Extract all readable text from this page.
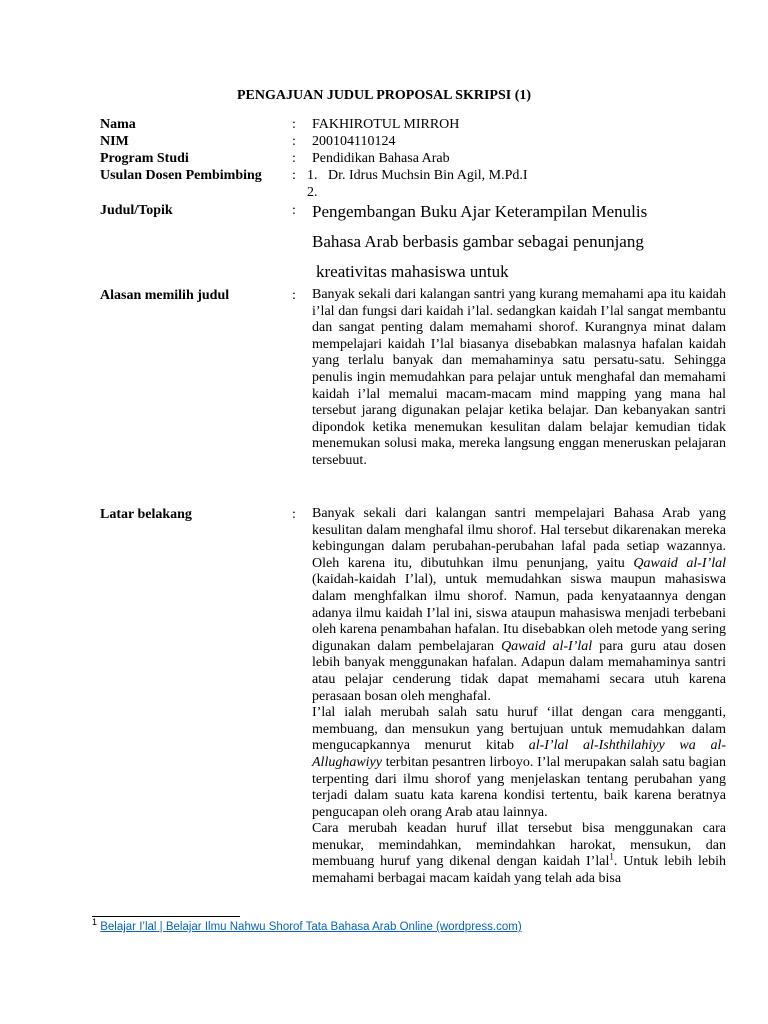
PENGAJUAN JUDUL PROPOSAL SKRIPSI (1)
Nama	: FAKHIROTUL MIRROH
NIM	: 200104110124
Program Studi	: Pendidikan Bahasa Arab
Usulan Dosen Pembimbing : 1.   Dr. Idrus Muchsin Bin Agil, M.Pd.I
2.
Judul/Topik	: Pengembangan Buku Ajar Keterampilan Menulis
Bahasa Arab berbasis gambar sebagai penunjang
kreativitas mahasiswa untuk
Alasan memilih judul	: Banyak sekali dari kalangan santri yang kurang memahami apa itu kaidah i’lal dan fungsi dari kaidah i’lal. sedangkan kaidah I’lal sangat membantu dan sangat penting dalam memahami shorof. Kurangnya minat dalam mempelajari kaidah I’lal biasanya disebabkan malasnya hafalan kaidah yang terlalu banyak dan memahaminya satu persatu-satu. Sehingga penulis ingin memudahkan para pelajar untuk menghafal dan memahami kaidah i’lal memalui macam-macam mind mapping yang mana hal tersebut jarang digunakan pelajar ketika belajar. Dan kebanyakan santri dipondok ketika menemukan kesulitan dalam belajar kemudian tidak menemukan solusi maka, mereka langsung enggan meneruskan pelajaran tersebuut.

Latar belakang	: Banyak sekali dari kalangan santri mempelajari Bahasa Arab yang kesulitan dalam menghafal ilmu shorof. Hal tersebut dikarenakan mereka kebingungan dalam perubahan-perubahan lafal pada setiap wazannya. Oleh karena itu, dibutuhkan ilmu penunjang, yaitu Qawaid al-I’lal (kaidah-kaidah I’lal), untuk memudahkan siswa maupun mahasiswa dalam menghfalkan ilmu shorof. Namun, pada kenyataannya dengan adanya ilmu kaidah I’lal ini, siswa ataupun mahasiswa menjadi terbebani oleh karena penambahan hafalan. Itu disebabkan oleh metode yang sering digunakan dalam pembelajaran Qawaid al-I’lal para guru atau dosen lebih banyak menggunakan hafalan. Adapun dalam memahaminya santri atau pelajar cenderung tidak dapat memahami secara utuh karena perasaan bosan oleh menghafal.

I’lal ialah merubah salah satu huruf ‘illat dengan cara mengganti, membuang, dan mensukun yang bertujuan untuk memudahkan dalam mengucapkannya menurut kitab al-I’lal al-Ishthilahiyy wa al-Allughawiyy terbitan pesantren lirboyo. I’lal merupakan salah satu bagian terpenting dari ilmu shorof yang menjelaskan tentang perubahan yang terjadi dalam suatu kata karena kondisi tertentu, baik karena beratnya pengucapan oleh orang Arab atau lainnya.

Cara merubah keadan huruf illat tersebut bisa menggunakan cara menukar, memindahkan, memindahkan harokat, mensukun, dan membuang huruf yang dikenal dengan kaidah I’lal$^1$. Untuk lebih lebih memahami berbagai macam kaidah yang telah ada bisa

$^1$ Belajar I’lal | Belajar Ilmu Nahwu Shorof Tata Bahasa Arab Online (wordpress.com)
